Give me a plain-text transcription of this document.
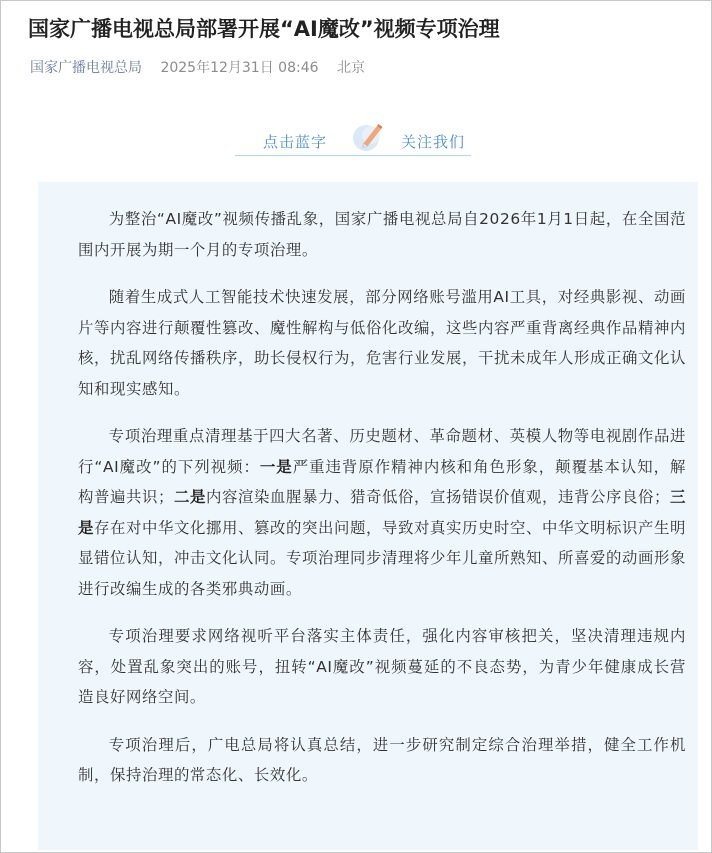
国家广播电视总局部署开展“AI魔改”视频专项治理
国家广播电视总局 2025年12月31日 08:46 北京
点击蓝字	关注我们

为整治“AI魔改”视频传播乱象，国家广播电视总局自2026年1月1日起，在全国范围内开展为期一个月的专项治理。

随着生成式人工智能技术快速发展，部分网络账号滥用AI工具，对经典影视、动画片等内容进行颠覆性篡改、魔性解构与低俗化改编，这些内容严重背离经典作品精神内核，扰乱网络传播秩序，助长侵权行为，危害行业发展，干扰未成年人形成正确文化认知和现实感知。

专项治理重点清理基于四大名著、历史题材、革命题材、英模人物等电视剧作品进行“AI魔改”的下列视频：一是严重违背原作精神内核和角色形象，颠覆基本认知，解构普遍共识；二是内容渲染血腥暴力、猎奇低俗，宣扬错误价值观，违背公序良俗；三是存在对中华文化挪用、篡改的突出问题，导致对真实历史时空、中华文明标识产生明显错位认知，冲击文化认同。专项治理同步清理将少年儿童所熟知、所喜爱的动画形象进行改编生成的各类邪典动画。

专项治理要求网络视听平台落实主体责任，强化内容审核把关，坚决清理违规内容，处置乱象突出的账号，扭转“AI魔改”视频蔓延的不良态势，为青少年健康成长营造良好网络空间。

专项治理后，广电总局将认真总结，进一步研究制定综合治理举措，健全工作机制，保持治理的常态化、长效化。
